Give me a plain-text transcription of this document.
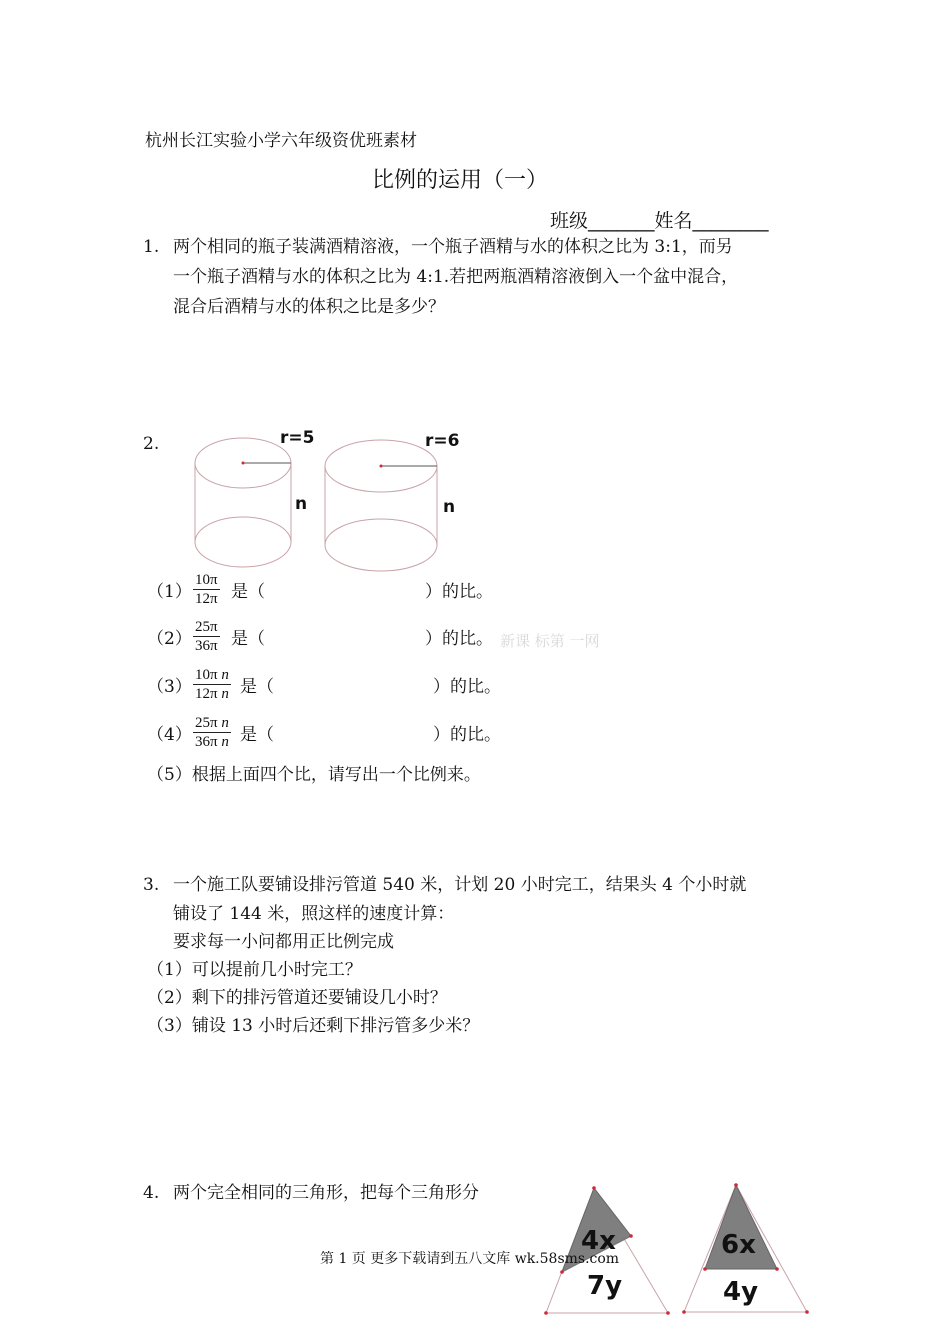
杭州长江实验小学六年级资优班素材
比例的运用（一）
班级_______姓名________
1. 两个相同的瓶子装满酒精溶液，一个瓶子酒精与水的体积之比为 3:1，而另
一个瓶子酒精与水的体积之比为 4:1.若把两瓶酒精溶液倒入一个盆中混合，
混合后酒精与水的体积之比是多少？
2.	r=5
n
r=6
n
$(1) \frac{10\pi}{12\pi}$ 是（	）的比。
$(2) \frac{25\pi}{36\pi}$ 是（	）的比。 新课 标第 一网
$(3) \frac{\text{10π n}}{\text{12π n}}$ 是（	）的比。
$(4) \frac{\text{25π n}}{\text{36π n}}$ 是（	）的比。
（5）根据上面四个比，请写出一个比例来。
3. 一个施工队要铺设排污管道 540 米，计划 20 小时完工，结果头 4 个小时就
铺设了 144 米，照这样的速度计算：
要求每一小问都用正比例完成
（1）可以提前几小时完工？
（2）剩下的排污管道还要铺设几小时？
（3）铺设 13 小时后还剩下排污管多少米？
4. 两个完全相同的三角形，把每个三角形分
4x
7y
6x
4y
第 1 页 更多下载请到五八文库 wk.58sms.com
